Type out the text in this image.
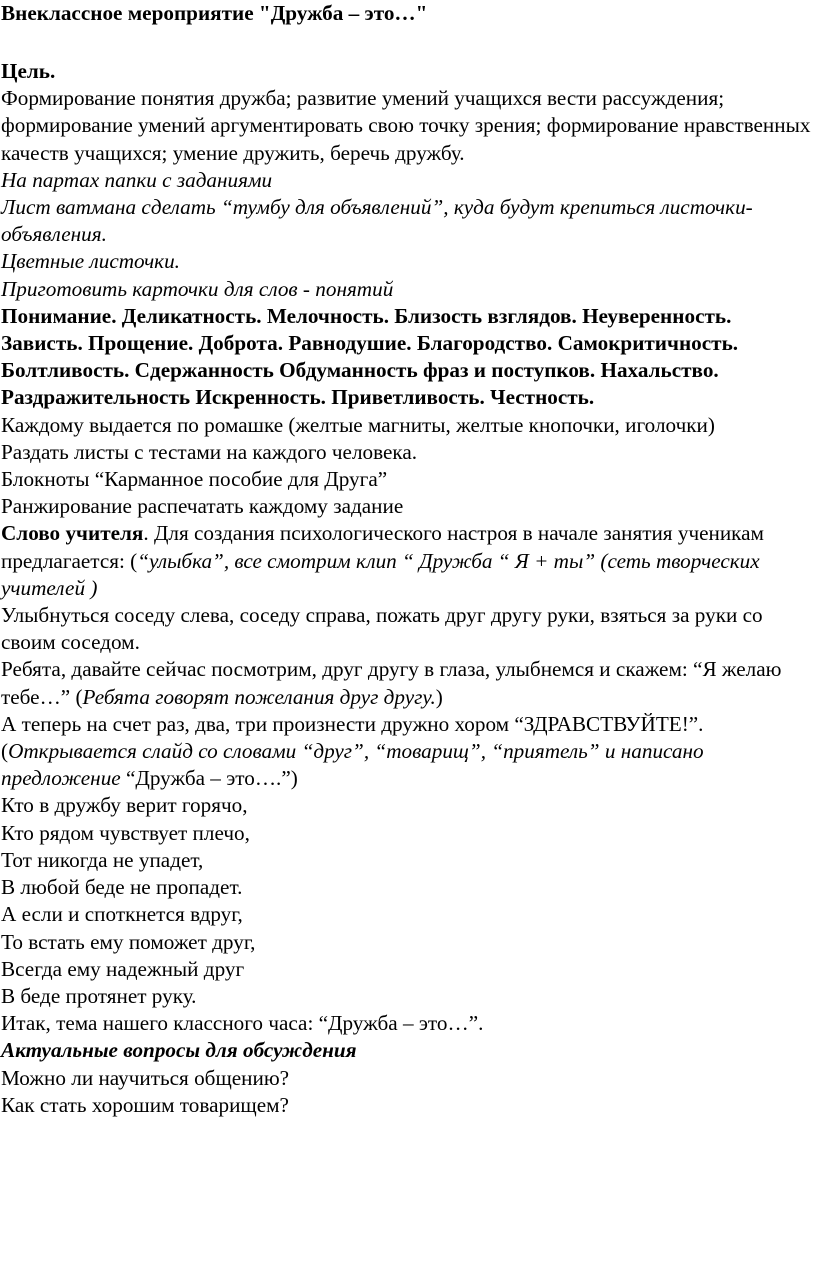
Внеклассное мероприятие "Дружба – это…"

Цель.

Формирование понятия дружба; развитие умений учащихся вести рассуждения; формирование умений аргументировать свою точку зрения; формирование нравственных качеств учащихся; умение дружить, беречь дружбу.

На партах папки с заданиями

Лист ватмана сделать “тумбу для объявлений”, куда будут крепиться листочки-объявления.

Цветные листочки.

Приготовить карточки для слов - понятий

Понимание. Деликатность. Мелочность. Близость взглядов. Неуверенность. Зависть. Прощение. Доброта. Равнодушие. Благородство. Самокритичность. Болтливость. Сдержанность Обдуманность фраз и поступков. Нахальство. Раздражительность Искренность. Приветливость. Честность.

Каждому выдается по ромашке (желтые магниты, желтые кнопочки, иголочки)

Раздать листы с тестами на каждого человека.

Блокноты “Карманное пособие для Друга”

Ранжирование распечатать каждому задание

Слово учителя. Для создания психологического настроя в начале занятия ученикам предлагается: (“улыбка”, все смотрим клип “ Дружба “ Я + ты” (сеть творческих учителей )

Улыбнуться соседу слева, соседу справа, пожать друг другу руки, взяться за руки со своим соседом.

Ребята, давайте сейчас посмотрим, друг другу в глаза, улыбнемся и скажем: “Я желаю тебе…” (Ребята говорят пожелания друг другу.)

А теперь на счет раз, два, три произнести дружно хором “ЗДРАВСТВУЙТЕ!”.

(Открывается слайд со словами “друг”, “товарищ”, “приятель” и написано предложение “Дружба – это….”)

Кто в дружбу верит горячо,

Кто рядом чувствует плечо,

Тот никогда не упадет,

В любой беде не пропадет.

А если и споткнется вдруг,

То встать ему поможет друг,

Всегда ему надежный друг

В беде протянет руку.

Итак, тема нашего классного часа: “Дружба – это…”.

Актуальные вопросы для обсуждения

Можно ли научиться общению?

Как стать хорошим товарищем?
